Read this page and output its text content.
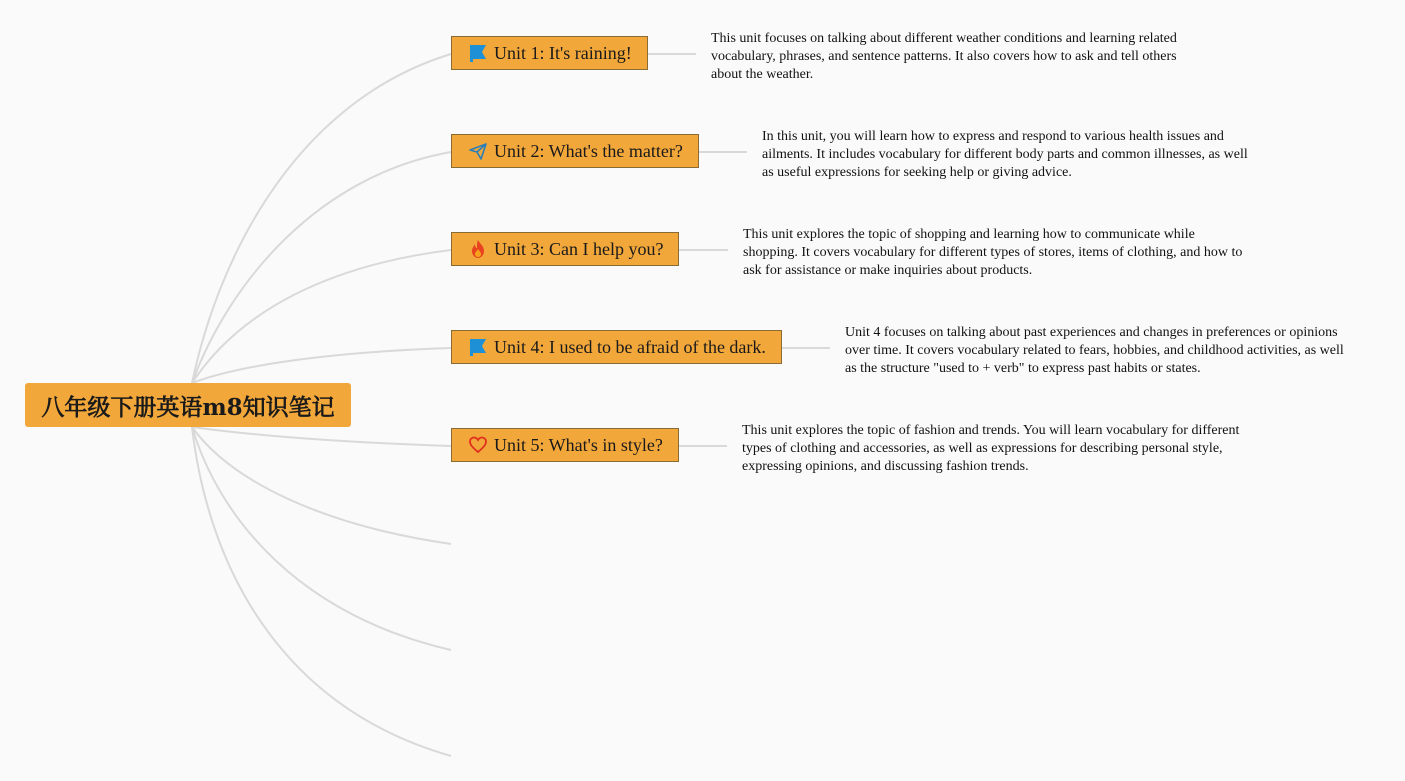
八年级下册英语m8知识笔记
Unit 1: It's raining!
This unit focuses on talking about different weather conditions and learning related vocabulary, phrases, and sentence patterns. It also covers how to ask and tell others about the weather.
Unit 2: What's the matter?
In this unit, you will learn how to express and respond to various health issues and ailments. It includes vocabulary for different body parts and common illnesses, as well as useful expressions for seeking help or giving advice.
Unit 3: Can I help you?
This unit explores the topic of shopping and learning how to communicate while shopping. It covers vocabulary for different types of stores, items of clothing, and how to ask for assistance or make inquiries about products.
Unit 4: I used to be afraid of the dark.
Unit 4 focuses on talking about past experiences and changes in preferences or opinions over time. It covers vocabulary related to fears, hobbies, and childhood activities, as well as the structure "used to + verb" to express past habits or states.
Unit 5: What's in style?
This unit explores the topic of fashion and trends. You will learn vocabulary for different types of clothing and accessories, as well as expressions for describing personal style, expressing opinions, and discussing fashion trends.
